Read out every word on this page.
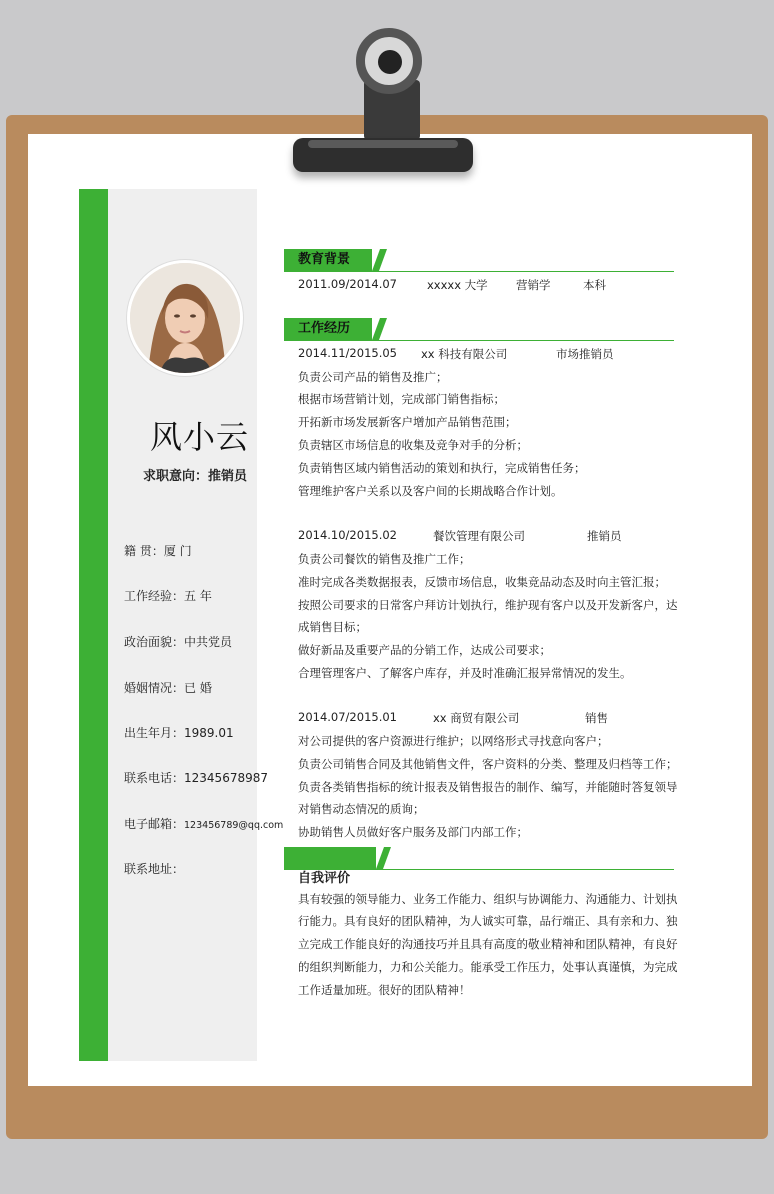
风小云
求职意向：推销员
籍 贯：厦 门
工作经验：五 年
政治面貌：中共党员
婚姻情况：已 婚
出生年月：1989.01
联系电话：12345678987
电子邮箱：123456789@qq.com
联系地址：
教育背景
2011.09/2014.07	xxxxx 大学 营销学	本科
工作经历
2014.11/2015.05 xx 科技有限公司	市场推销员
负责公司产品的销售及推广；
根据市场营销计划，完成部门销售指标；
开拓新市场发展新客户增加产品销售范围；
负责辖区市场信息的收集及竞争对手的分析；
负责销售区域内销售活动的策划和执行，完成销售任务；
管理维护客户关系以及客户间的长期战略合作计划。
2014.10/2015.02	餐饮管理有限公司	推销员
负责公司餐饮的销售及推广工作；
准时完成各类数据报表，反馈市场信息，收集竞品动态及时向主管汇报；
按照公司要求的日常客户拜访计划执行，维护现有客户以及开发新客户，达
成销售目标；
做好新品及重要产品的分销工作，达成公司要求；
合理管理客户、了解客户库存，并及时准确汇报异常情况的发生。
2014.07/2015.01	xx 商贸有限公司	销售
对公司提供的客户资源进行维护；以网络形式寻找意向客户；
负责公司销售合同及其他销售文件，客户资料的分类、整理及归档等工作；
负责各类销售指标的统计报表及销售报告的制作、编写，并能随时答复领导
对销售动态情况的质询；
协助销售人员做好客户服务及部门内部工作；
自我评价
具有较强的领导能力、业务工作能力、组织与协调能力、沟通能力、计划执
行能力。具有良好的团队精神，为人诚实可靠，品行端正、具有亲和力、独
立完成工作能良好的沟通技巧并且具有高度的敬业精神和团队精神，有良好
的组织判断能力，力和公关能力。能承受工作压力，处事认真谨慎，为完成
工作适量加班。很好的团队精神！
